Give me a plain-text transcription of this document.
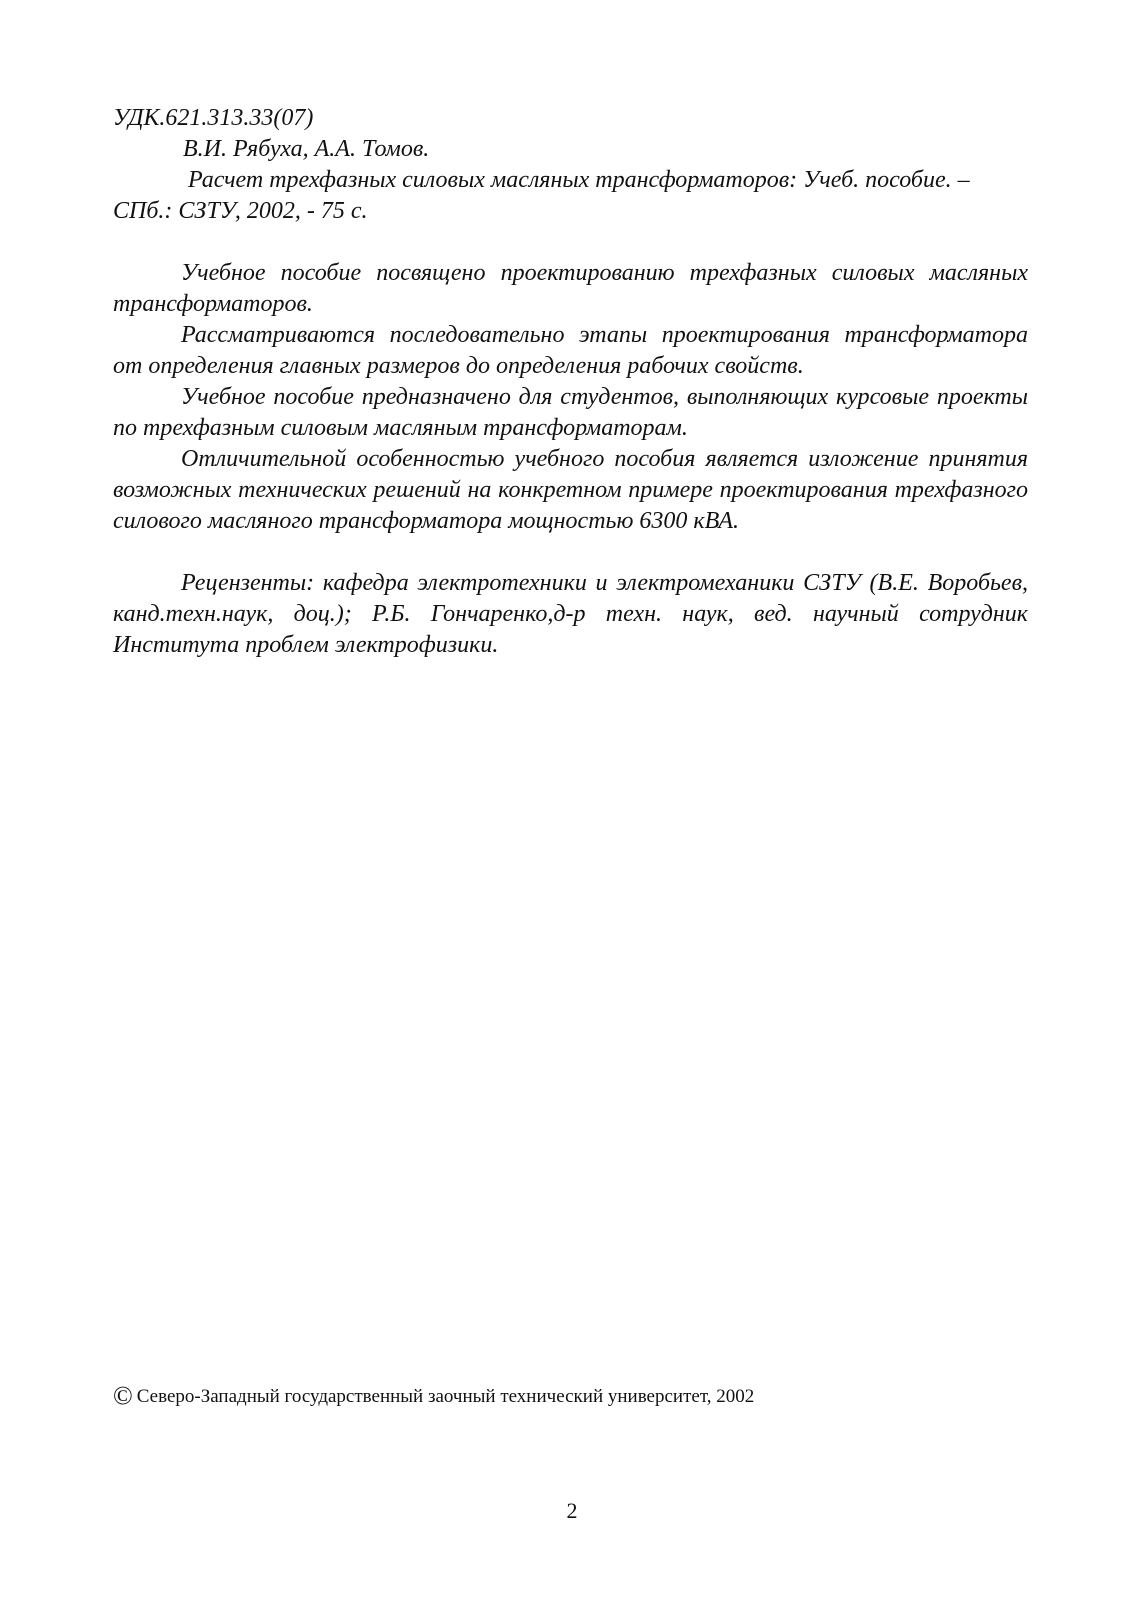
УДК.621.313.33(07)

В.И. Рябуха, А.А. Томов.

Расчет трехфазных силовых масляных трансформаторов: Учеб. пособие. – СПб.: СЗТУ, 2002, - 75 с.

Учебное пособие посвящено проектированию трехфазных силовых масляных трансформаторов.

Рассматриваются последовательно этапы проектирования трансформатора от определения главных размеров до определения рабочих свойств.

Учебное пособие предназначено для студентов, выполняющих курсовые проекты по трехфазным силовым масляным трансформаторам.

Отличительной особенностью учебного пособия является изложение принятия возможных технических решений на конкретном примере проектирования трехфазного силового масляного трансформатора мощностью 6300 кВА.

Рецензенты: кафедра электротехники и электромеханики СЗТУ (В.Е. Воробьев, канд.техн.наук, доц.); Р.Б. Гончаренко,д-р техн. наук, вед. научный сотрудник Института проблем электрофизики.

© Северо-Западный государственный заочный технический университет, 2002
2
